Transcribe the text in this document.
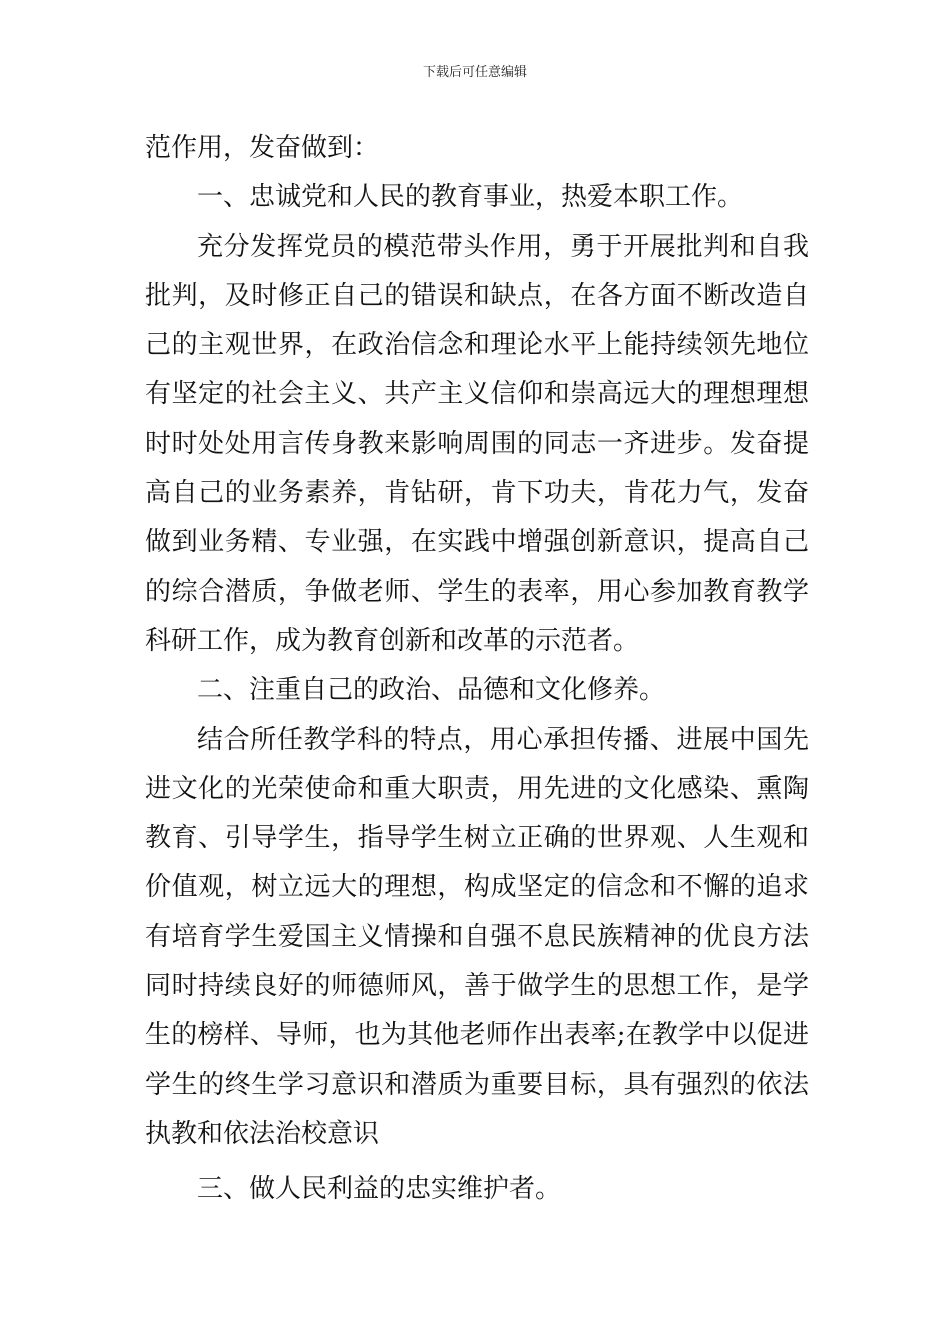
下载后可任意编辑
范作用，发奋做到：
一、忠诚党和人民的教育事业，热爱本职工作。
充分发挥党员的模范带头作用，勇于开展批判和自我
批判，及时修正自己的错误和缺点，在各方面不断改造自
己的主观世界，在政治信念和理论水平上能持续领先地位
有坚定的社会主义、共产主义信仰和崇高远大的理想理想
时时处处用言传身教来影响周围的同志一齐进步。发奋提
高自己的业务素养，肯钻研，肯下功夫，肯花力气，发奋
做到业务精、专业强，在实践中增强创新意识，提高自己
的综合潜质，争做老师、学生的表率，用心参加教育教学
科研工作，成为教育创新和改革的示范者。
二、注重自己的政治、品德和文化修养。
结合所任教学科的特点，用心承担传播、进展中国先
进文化的光荣使命和重大职责，用先进的文化感染、熏陶
教育、引导学生，指导学生树立正确的世界观、人生观和
价值观，树立远大的理想，构成坚定的信念和不懈的追求
有培育学生爱国主义情操和自强不息民族精神的优良方法
同时持续良好的师德师风，善于做学生的思想工作，是学
生的榜样、导师，也为其他老师作出表率;在教学中以促进
学生的终生学习意识和潜质为重要目标，具有强烈的依法
执教和依法治校意识
三、做人民利益的忠实维护者。
